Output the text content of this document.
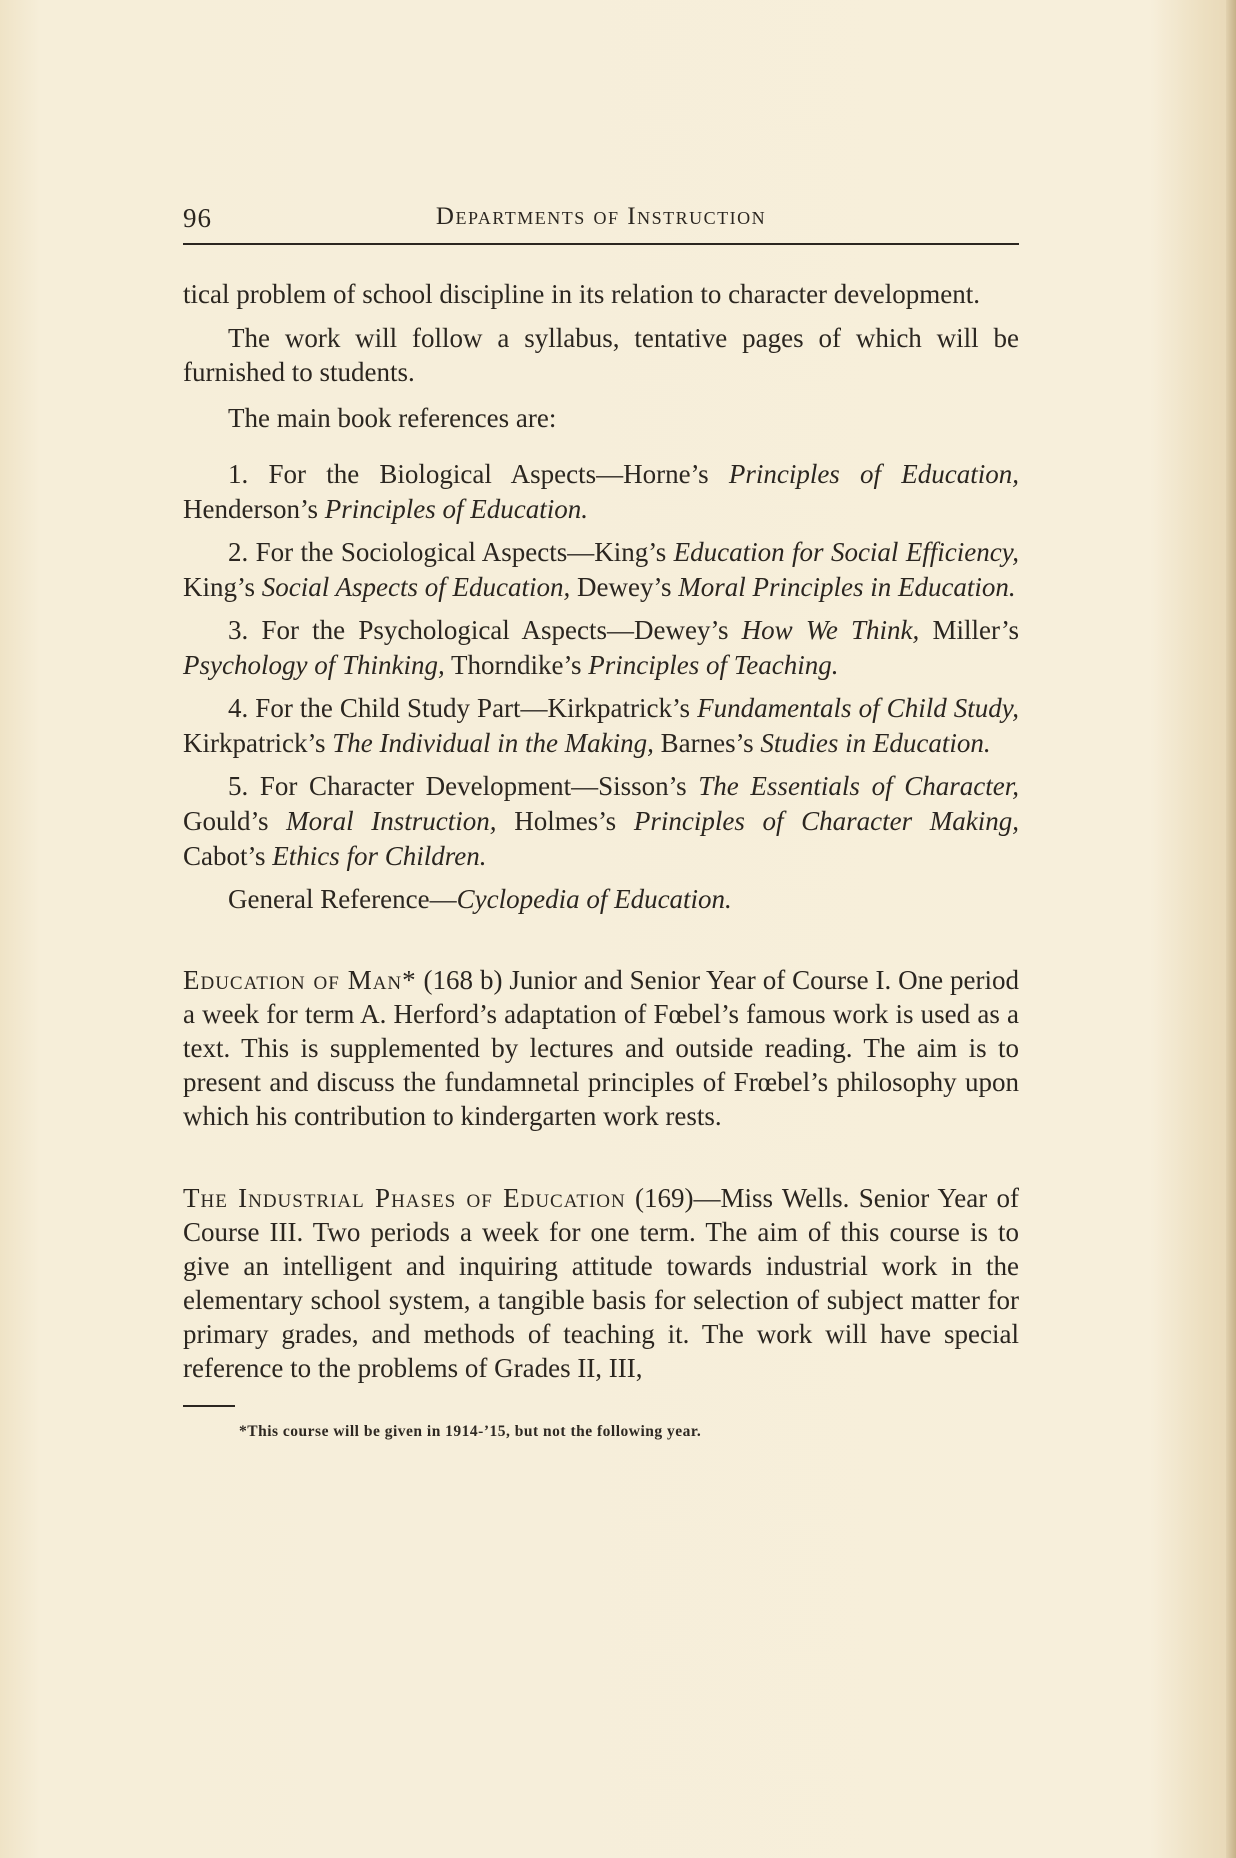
96	Departments of Instruction

tical problem of school discipline in its relation to character development.

The work will follow a syllabus, tentative pages of which will be furnished to students.

The main book references are:

1. For the Biological Aspects—Horne’s Principles of Education, Henderson’s Principles of Education.

2. For the Sociological Aspects—King’s Education for Social Efficiency, King’s Social Aspects of Education, Dewey’s Moral Principles in Education.

3. For the Psychological Aspects—Dewey’s How We Think, Miller’s Psychology of Thinking, Thorndike’s Principles of Teaching.

4. For the Child Study Part—Kirkpatrick’s Fundamentals of Child Study, Kirkpatrick’s The Individual in the Making, Barnes’s Studies in Education.

5. For Character Development—Sisson’s The Essentials of Character, Gould’s Moral Instruction, Holmes’s Principles of Character Making, Cabot’s Ethics for Children.

General Reference—Cyclopedia of Education.

Education of Man* (168 b) Junior and Senior Year of Course I. One period a week for term A. Herford’s adaptation of Fœbel’s famous work is used as a text. This is supplemented by lectures and outside reading. The aim is to present and discuss the fundamnetal principles of Frœbel’s philosophy upon which his contribution to kindergarten work rests.

The Industrial Phases of Education (169)—Miss Wells. Senior Year of Course III. Two periods a week for one term. The aim of this course is to give an intelligent and inquiring attitude towards industrial work in the elementary school system, a tangible basis for selection of subject matter for primary grades, and methods of teaching it. The work will have special reference to the problems of Grades II, III,

*This course will be given in 1914-’15, but not the following year.
